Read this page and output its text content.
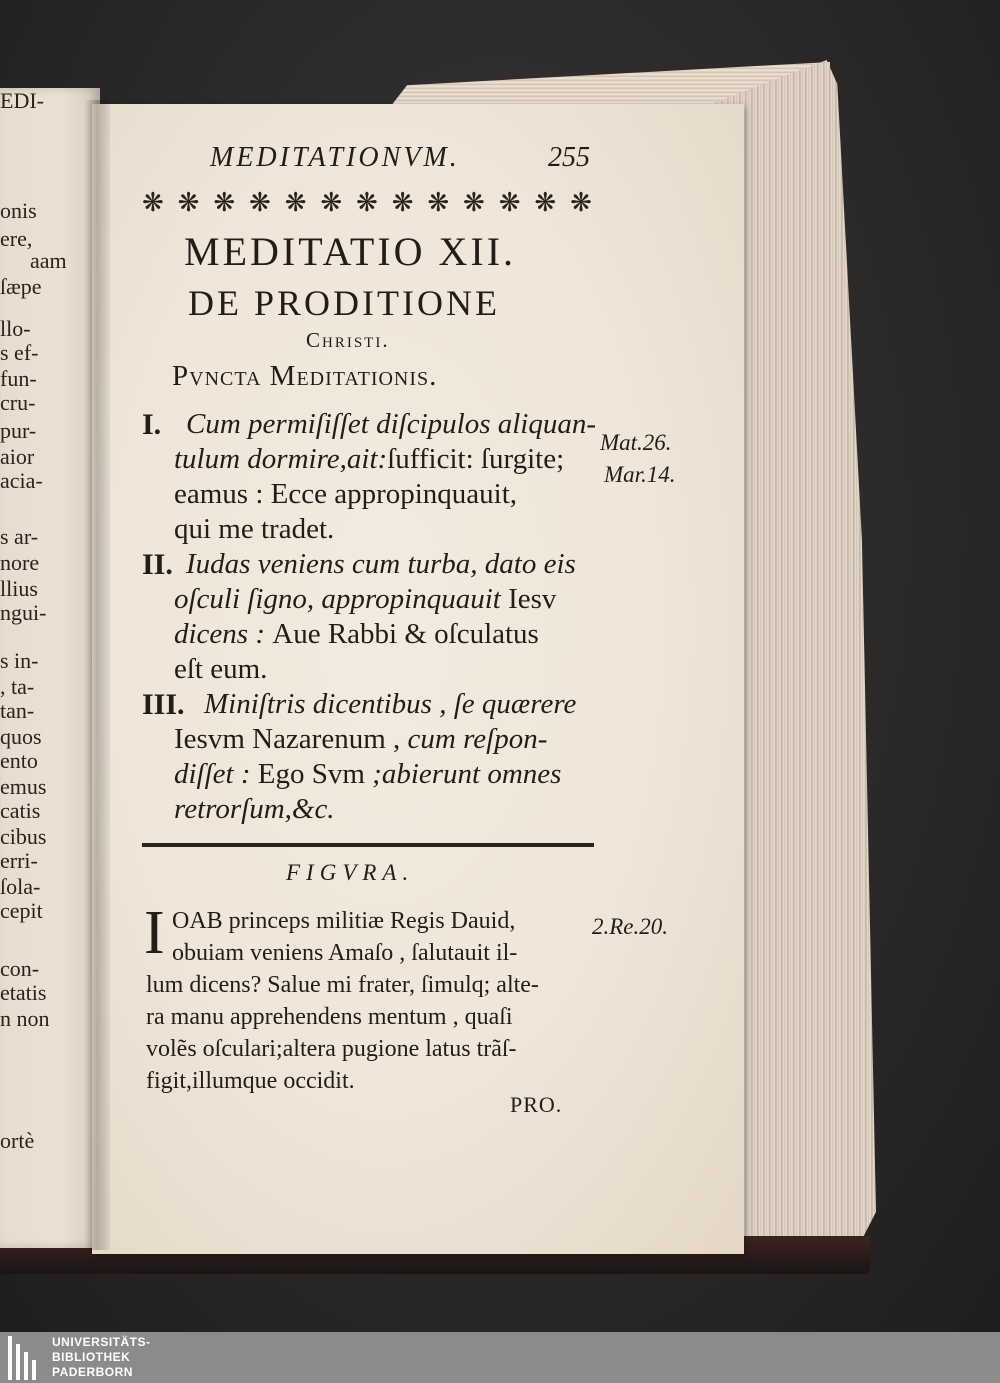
onis
ere,
aam
ſæpe
llo-
s ef-
fun-
cru-
pur-
aior
acia-
s ar-
nore
llius
ngui-
s in-
, ta-
tan-
quos
ento
emus
catis
cibus
erri-
ſola-
cepit
con-
etatis
n non
ortè
EDI-
MEDITATIONVM.	255
❋ ❋ ❋ ❋ ❋ ❋ ❋ ❋ ❋ ❋ ❋ ❋ ❋
MEDITATIO XII.
DE PRODITIONE
Christi.
Pvncta Meditationis.
I. Cum permiſiſſet diſcipulos aliquan-
tulum dormire,ait:ſufficit: ſurgite;
eamus : Ecce appropinquauit,
qui me tradet.
II. Iudas veniens cum turba, dato eis
oſculi ſigno, appropinquauit Iesv
dicens : Aue Rabbi & oſculatus
eſt eum.
III. Miniſtris dicentibus , ſe quærere
Iesvm Nazarenum , cum reſpon-
diſſet : Ego Svm ;abierunt omnes
retrorſum,&c.
Mat.26.
Mar.14.
2.Re.20.
FIGVRA.
I OAB princeps militiæ Regis Dauid,
obuiam veniens Amaſo , ſalutauit il-
lum dicens? Salue mi frater, ſimulq; alte-
ra manu apprehendens mentum , quaſi
volẽs oſculari;altera pugione latus trãſ-
figit,illumque occidit.
PRO.
UNIVERSITÄTS-
BIBLIOTHEK
PADERBORN
